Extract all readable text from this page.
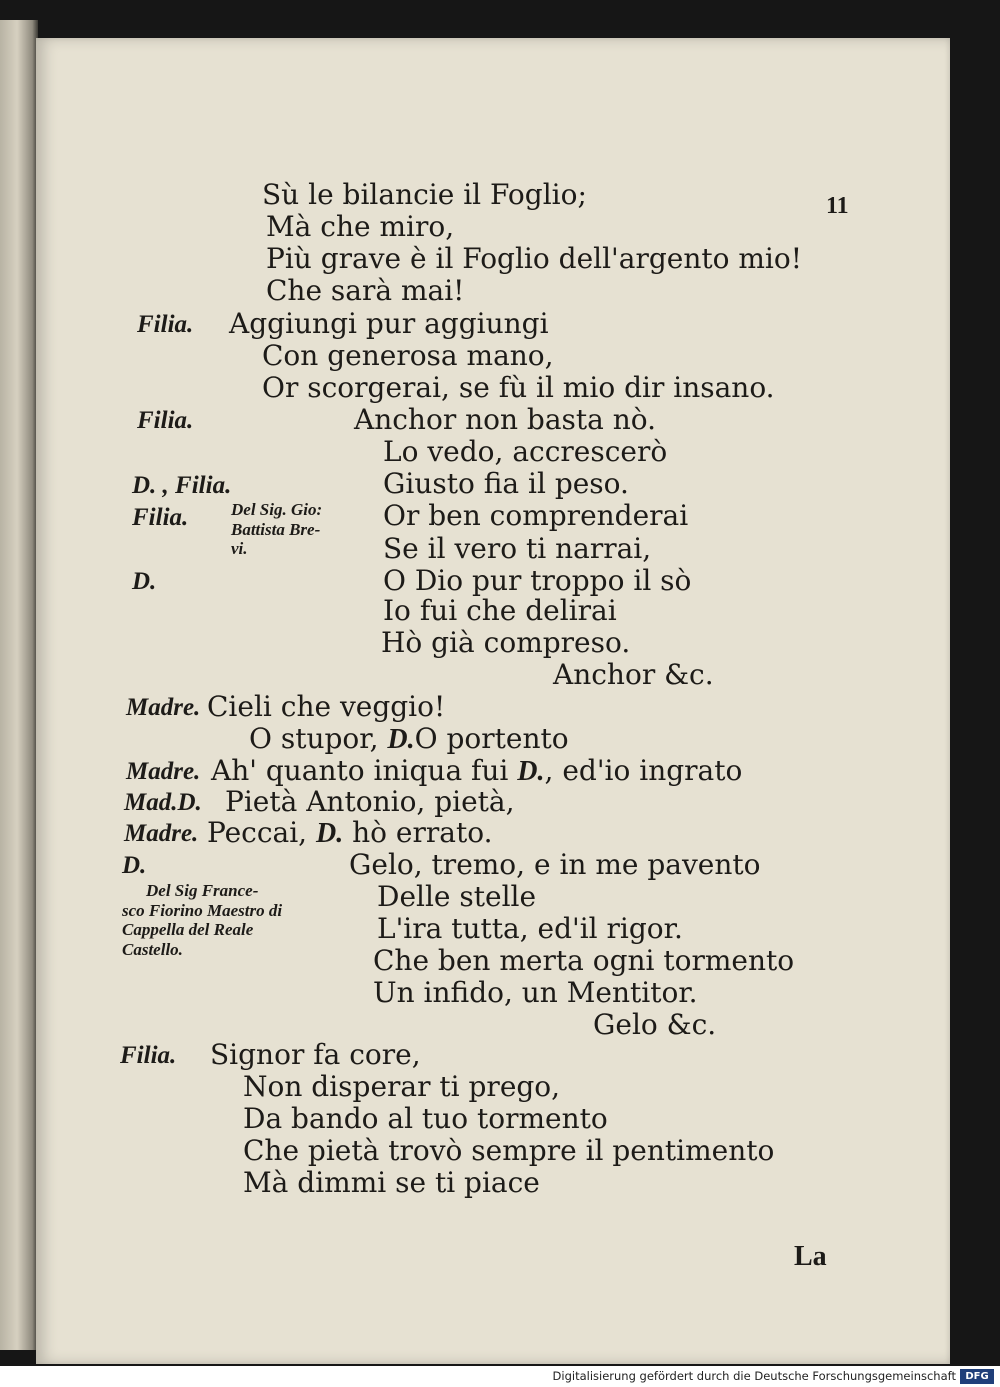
11
Sù le bilancie il Foglio;
Mà che miro,
Più grave è il Foglio dell'argento mio!
Che sarà mai!
Filia. Aggiungi pur aggiungi
Con generosa mano,
Or scorgerai, se fù il mio dir insano.
Filia.	Anchor non basta nò.
Lo vedo, accrescerò
D. , Filia.	Giusto fia il peso.
Filia.	Del Sig. Gio:
Battista Bre-
vi.
Or ben comprenderai
Se il vero ti narrai,
D.	O Dio pur troppo il sò
Io fui che delirai
Hò già compreso.
Anchor &c.
Madre. Cieli che veggio!
O stupor, D.O portento
Madre. Ah' quanto iniqua fui D., ed'io ingrato
Mad.D. Pietà Antonio, pietà,
Madre. Peccai, D. hò errato.
D.	Gelo, tremo, e in me pavento
Del Sig France-
sco Fiorino Maestro di
Cappella del Reale
Castello.
Delle stelle
L'ira tutta, ed'il rigor.
Che ben merta ogni tormento
Un infido, un Mentitor.
Gelo &c.
Filia. Signor fa core,
Non disperar ti prego,
Da bando al tuo tormento
Che pietà trovò sempre il pentimento
Mà dimmi se ti piace
La
Digitalisierung gefördert durch die Deutsche Forschungsgemeinschaft DFG
